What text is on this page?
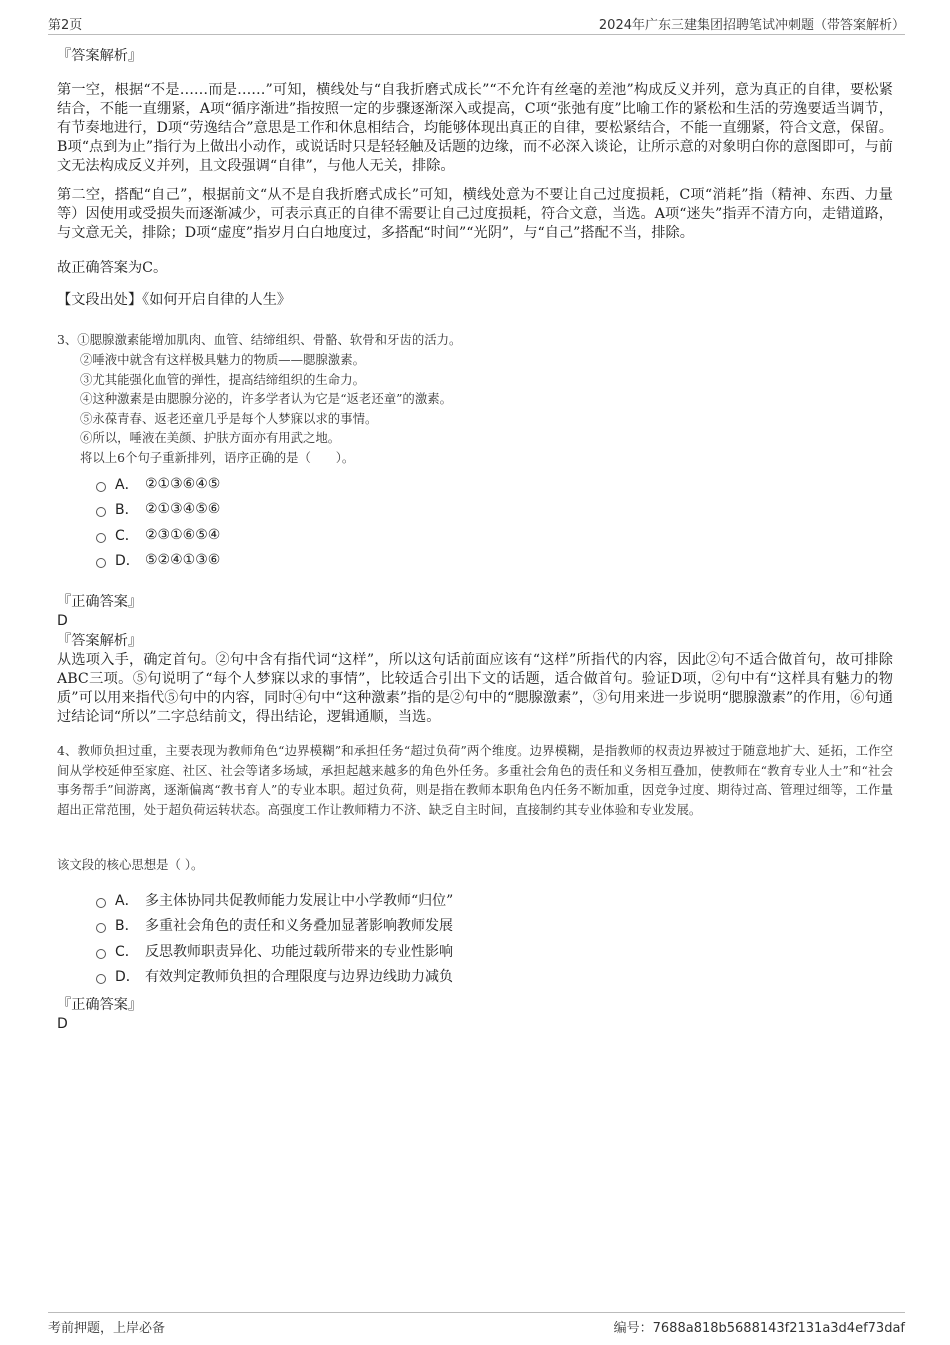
第2页	2024年广东三建集团招聘笔试冲刺题（带答案解析）
『答案解析』

第一空，根据“不是……而是……”可知，横线处与“自我折磨式成长”“不允许有丝毫的差池”构成反义并列，意为真正的自律，要松紧结合，不能一直绷紧，A项“循序渐进”指按照一定的步骤逐渐深入或提高，C项“张弛有度”比喻工作的紧松和生活的劳逸要适当调节，有节奏地进行，D项“劳逸结合”意思是工作和休息相结合，均能够体现出真正的自律，要松紧结合，不能一直绷紧，符合文意，保留。B项“点到为止”指行为上做出小动作，或说话时只是轻轻触及话题的边缘，而不必深入谈论，让所示意的对象明白你的意图即可，与前文无法构成反义并列，且文段强调“自律”，与他人无关，排除。

第二空，搭配“自己”，根据前文“从不是自我折磨式成长”可知，横线处意为不要让自己过度损耗，C项“消耗”指（精神、东西、力量等）因使用或受损失而逐渐减少，可表示真正的自律不需要让自己过度损耗，符合文意，当选。A项“迷失”指弄不清方向，走错道路，与文意无关，排除；D项“虚度”指岁月白白地度过，多搭配“时间”“光阴”，与“自己”搭配不当，排除。

故正确答案为C。
【文段出处】《如何开启自律的人生》
3、①腮腺激素能增加肌肉、血管、结缔组织、骨骼、软骨和牙齿的活力。
②唾液中就含有这样极具魅力的物质——腮腺激素。
③尤其能强化血管的弹性，提高结缔组织的生命力。
④这种激素是由腮腺分泌的，许多学者认为它是“返老还童”的激素。
⑤永葆青春、返老还童几乎是每个人梦寐以求的事情。
⑥所以，唾液在美颜、护肤方面亦有用武之地。
将以上6个句子重新排列，语序正确的是（　　）。
A． ②①③⑥④⑤
B． ②①③④⑤⑥
C． ②③①⑥⑤④
D． ⑤②④①③⑥
『正确答案』
D
『答案解析』

从选项入手，确定首句。②句中含有指代词“这样”，所以这句话前面应该有“这样”所指代的内容，因此②句不适合做首句，故可排除ABC三项。⑤句说明了“每个人梦寐以求的事情”，比较适合引出下文的话题，适合做首句。验证D项，②句中有“这样具有魅力的物质”可以用来指代⑤句中的内容，同时④句中“这种激素”指的是②句中的“腮腺激素”，③句用来进一步说明“腮腺激素”的作用，⑥句通过结论词“所以”二字总结前文，得出结论，逻辑通顺，当选。

4、教师负担过重，主要表现为教师角色“边界模糊”和承担任务“超过负荷”两个维度。边界模糊，是指教师的权责边界被过于随意地扩大、延拓，工作空间从学校延伸至家庭、社区、社会等诸多场域，承担起越来越多的角色外任务。多重社会角色的责任和义务相互叠加，使教师在“教育专业人士”和“社会事务帮手”间游离，逐渐偏离“教书育人”的专业本职。超过负荷，则是指在教师本职角色内任务不断加重，因竞争过度、期待过高、管理过细等，工作量超出正常范围，处于超负荷运转状态。高强度工作让教师精力不济、缺乏自主时间，直接制约其专业体验和专业发展。

该文段的核心思想是（ ）。
A． 多主体协同共促教师能力发展让中小学教师“归位”
B． 多重社会角色的责任和义务叠加显著影响教师发展
C． 反思教师职责异化、功能过载所带来的专业性影响
D． 有效判定教师负担的合理限度与边界边线助力减负
『正确答案』
D
考前押题，上岸必备	编号：7688a818b5688143f2131a3d4ef73daf
